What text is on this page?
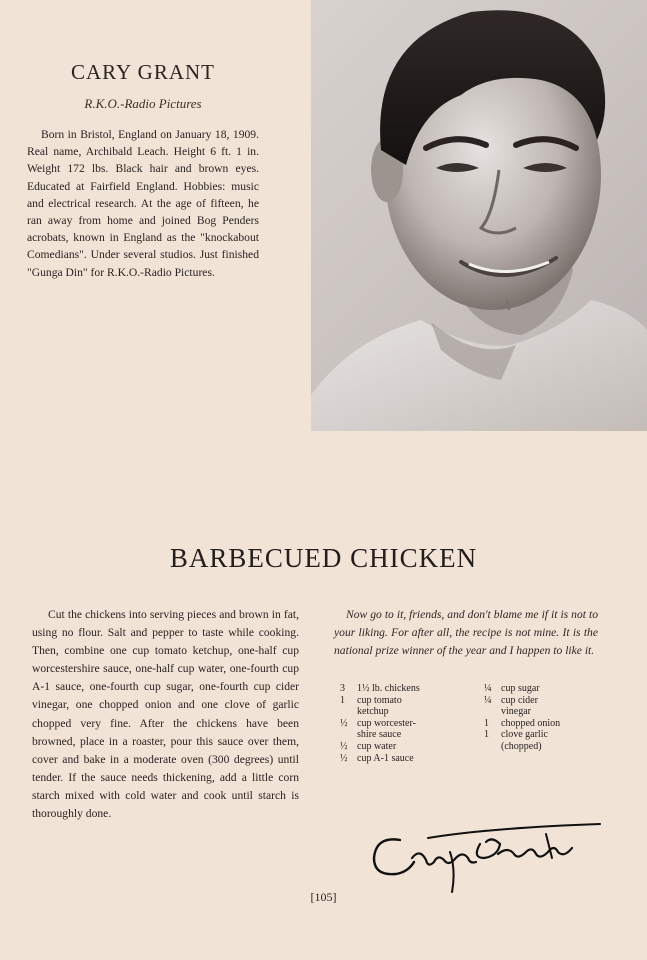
CARY GRANT
R.K.O.-Radio Pictures
Born in Bristol, England on January 18, 1909. Real name, Archibald Leach. Height 6 ft. 1 in. Weight 172 lbs. Black hair and brown eyes. Educated at Fairfield England. Hobbies: music and electrical research. At the age of fifteen, he ran away from home and joined Bog Penders acrobats, known in England as the "knockabout Comedians". Under several studios. Just finished "Gunga Din" for R.K.O.-Radio Pictures.
BARBECUED CHICKEN
Cut the chickens into serving pieces and brown in fat, using no flour. Salt and pepper to taste while cooking. Then, combine one cup tomato ketchup, one-half cup worcestershire sauce, one-half cup water, one-fourth cup A-1 sauce, one-fourth cup sugar, one-fourth cup cider vinegar, one chopped onion and one clove of garlic chopped very fine. After the chickens have been browned, place in a roaster, pour this sauce over them, cover and bake in a moderate oven (300 degrees) until tender. If the sauce needs thickening, add a little corn starch mixed with cold water and cook until starch is thoroughly done.
Now go to it, friends, and don't blame me if it is not to your liking. For after all, the recipe is not mine. It is the national prize winner of the year and I happen to like it.
3	1½ lb. chickens
1	cup tomato
ketchup
½ cup worcester-
shire sauce
½ cup water
½ cup A-1 sauce
¼ cup sugar
¼ cup cider
vinegar
1	chopped onion
1	clove garlic
(chopped)
[105]
